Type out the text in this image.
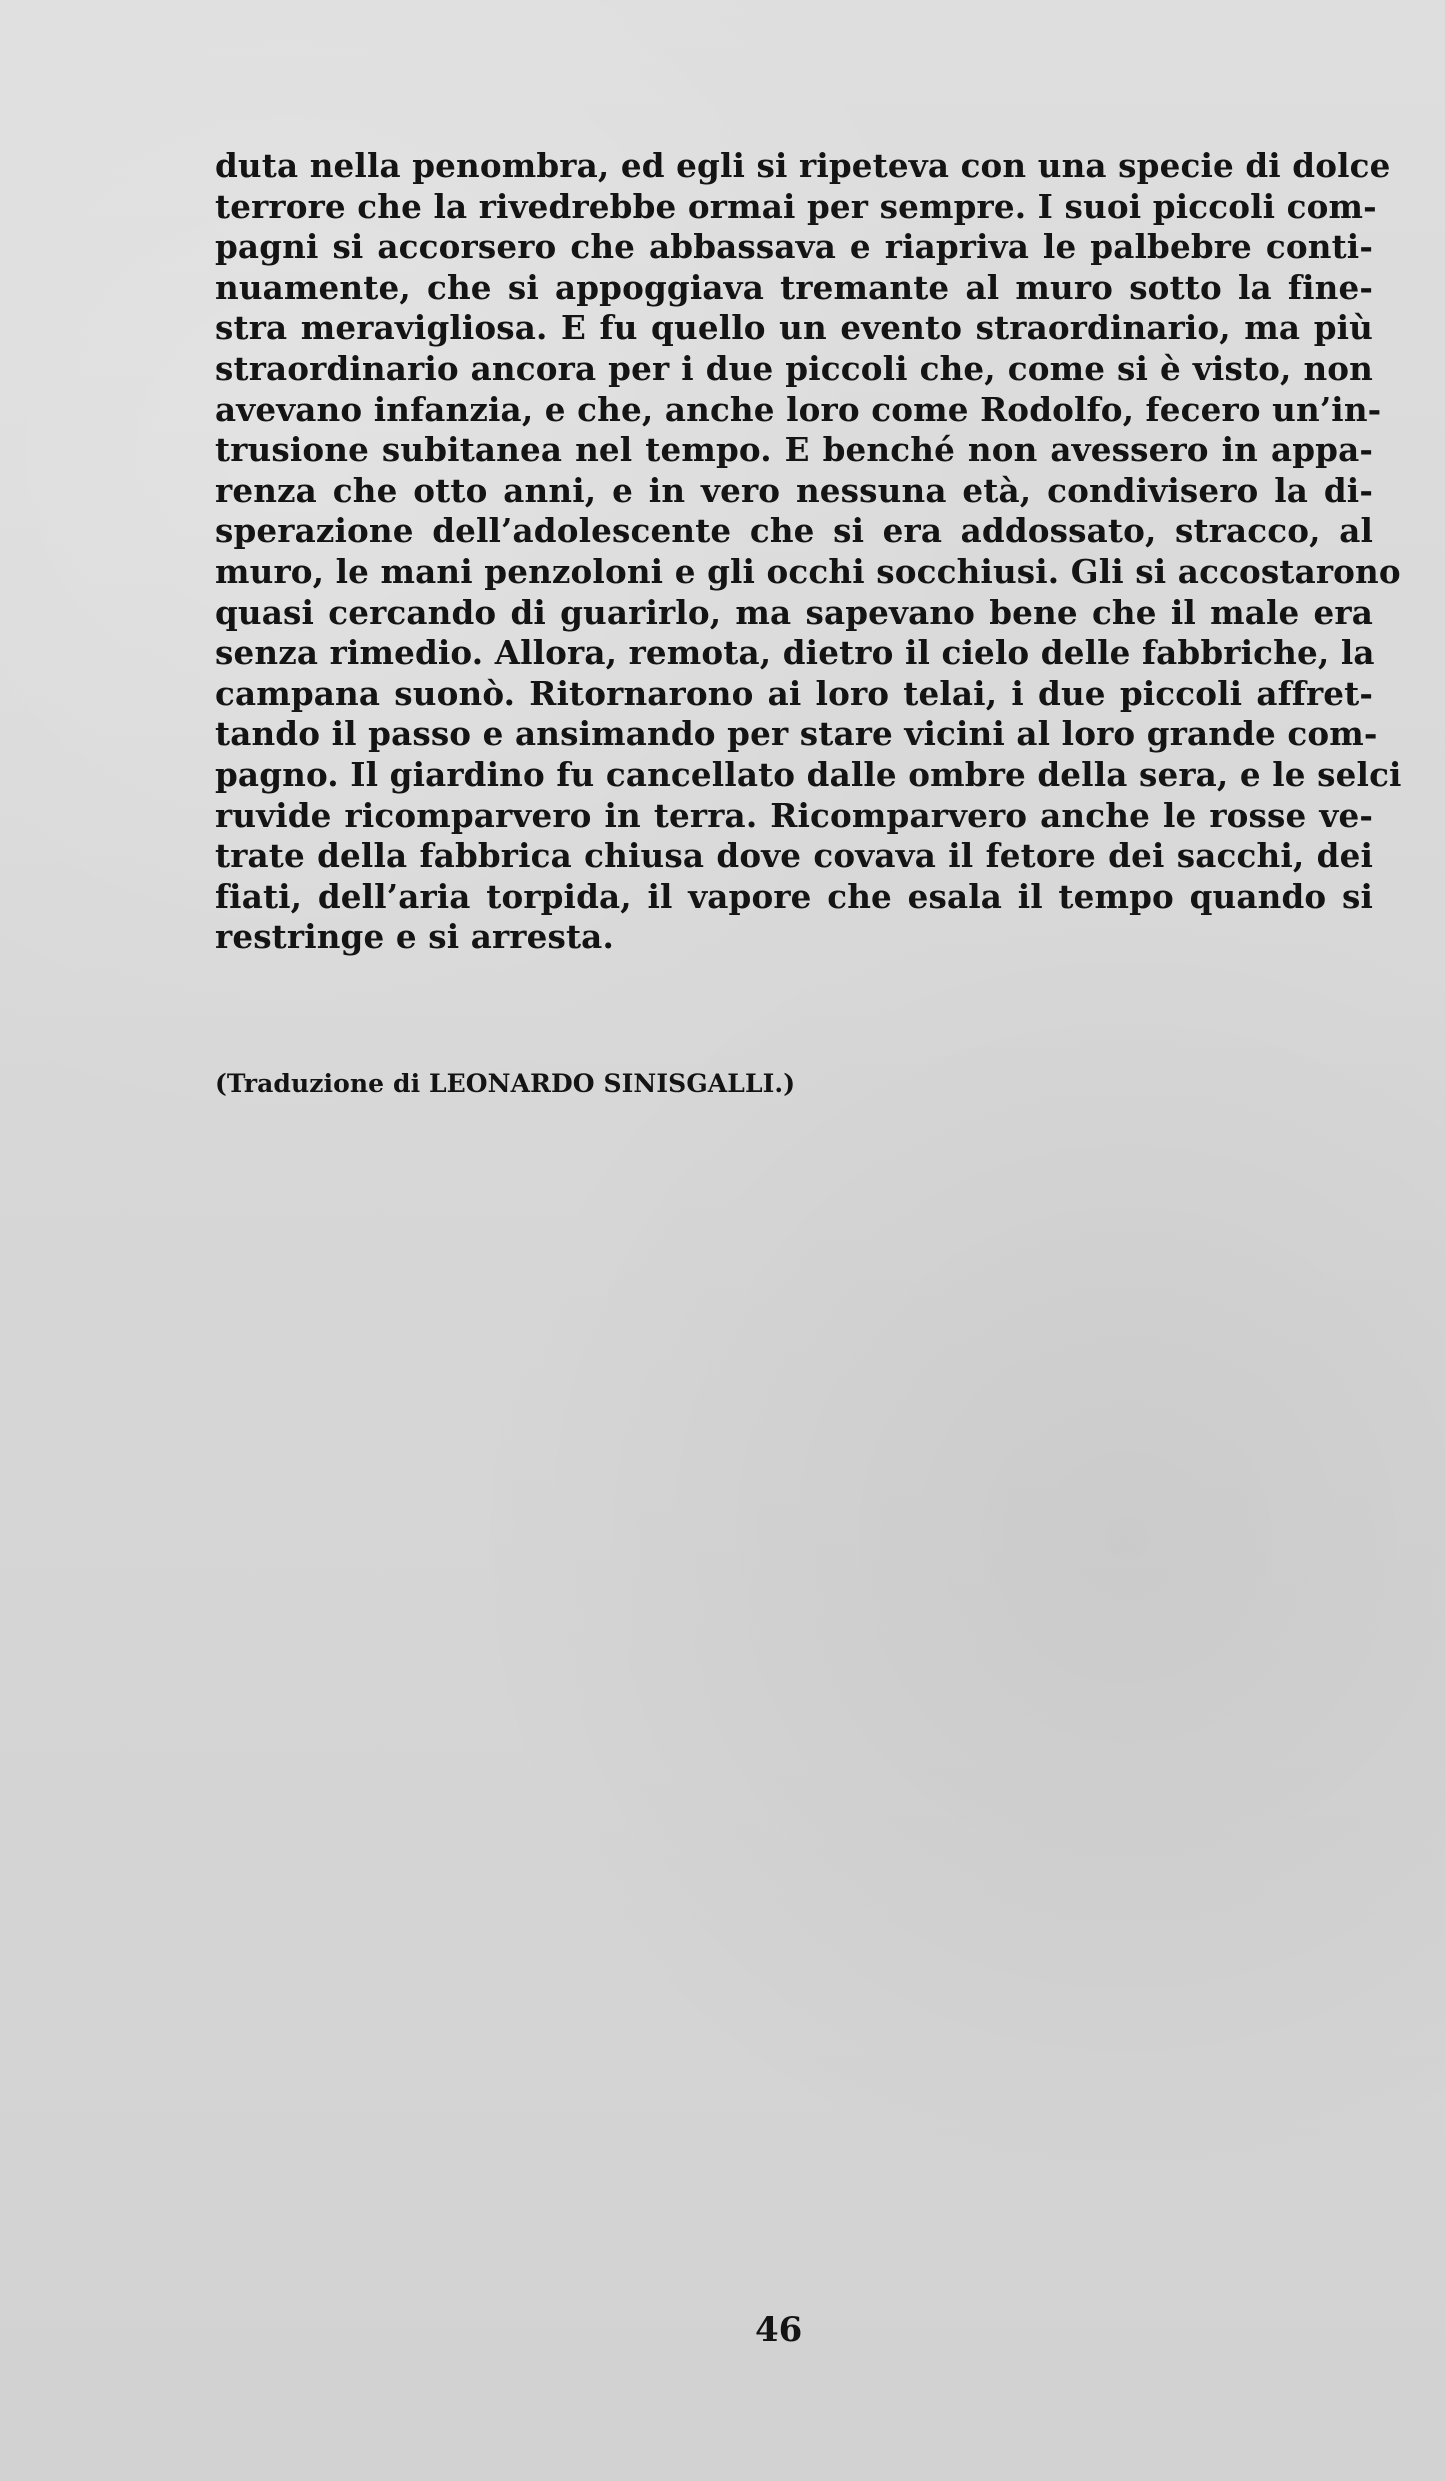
duta nella penombra, ed egli si ripeteva con una specie di dolce
terrore che la rivedrebbe ormai per sempre. I suoi piccoli com-
pagni si accorsero che abbassava e riapriva le palbebre conti-
nuamente, che si appoggiava tremante al muro sotto la fine-
stra meravigliosa. E fu quello un evento straordinario, ma più
straordinario ancora per i due piccoli che, come si è visto, non
avevano infanzia, e che, anche loro come Rodolfo, fecero un’in-
trusione subitanea nel tempo. E benché non avessero in appa-
renza che otto anni, e in vero nessuna età, condivisero la di-
sperazione dell’adolescente che si era addossato, stracco, al
muro, le mani penzoloni e gli occhi socchiusi. Gli si accostarono
quasi cercando di guarirlo, ma sapevano bene che il male era
senza rimedio. Allora, remota, dietro il cielo delle fabbriche, la
campana suonò. Ritornarono ai loro telai, i due piccoli affret-
tando il passo e ansimando per stare vicini al loro grande com-
pagno. Il giardino fu cancellato dalle ombre della sera, e le selci
ruvide ricomparvero in terra. Ricomparvero anche le rosse ve-
trate della fabbrica chiusa dove covava il fetore dei sacchi, dei
fiati, dell’aria torpida, il vapore che esala il tempo quando si
restringe e si arresta.
(Traduzione di LEONARDO SINISGALLI.)
46
